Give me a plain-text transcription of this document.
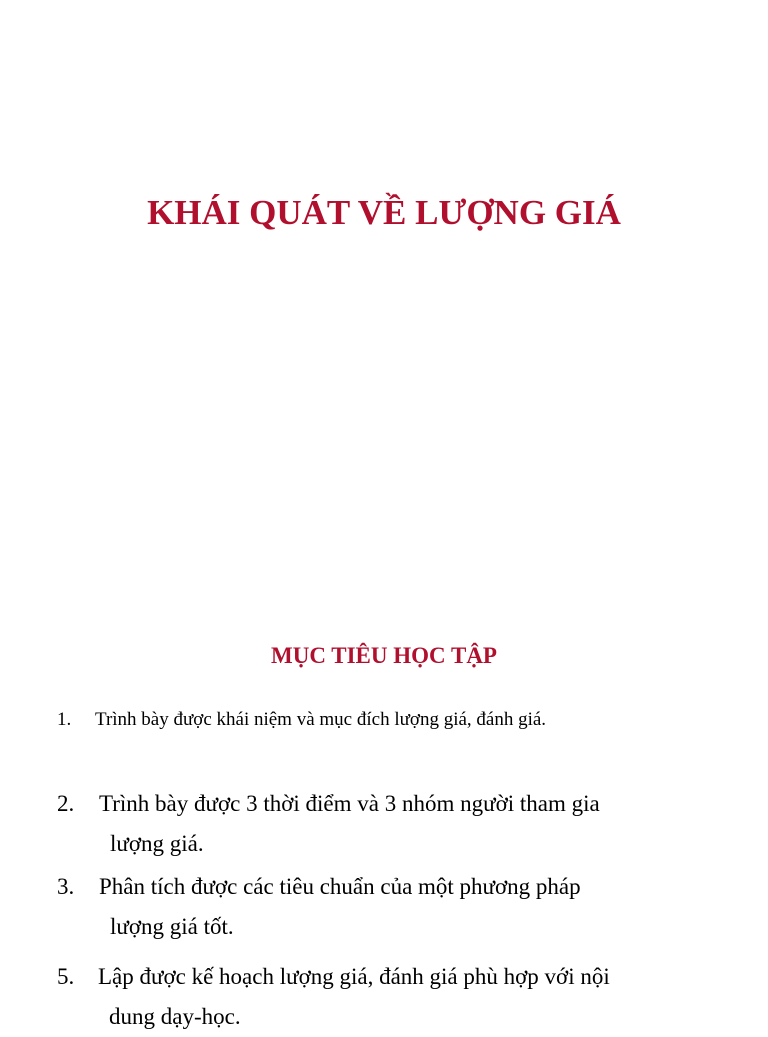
KHÁI QUÁT VỀ LƯỢNG GIÁ
MỤC TIÊU HỌC TẬP
1. Trình bày được khái niệm và mục đích lượng giá, đánh giá.

2. Trình bày được 3 thời điểm và 3 nhóm người tham gia
lượng giá.

3. Phân tích được các tiêu chuẩn của một phương pháp
lượng giá tốt.

5. Lập được kế hoạch lượng giá, đánh giá phù hợp với nội
dung dạy-học.
